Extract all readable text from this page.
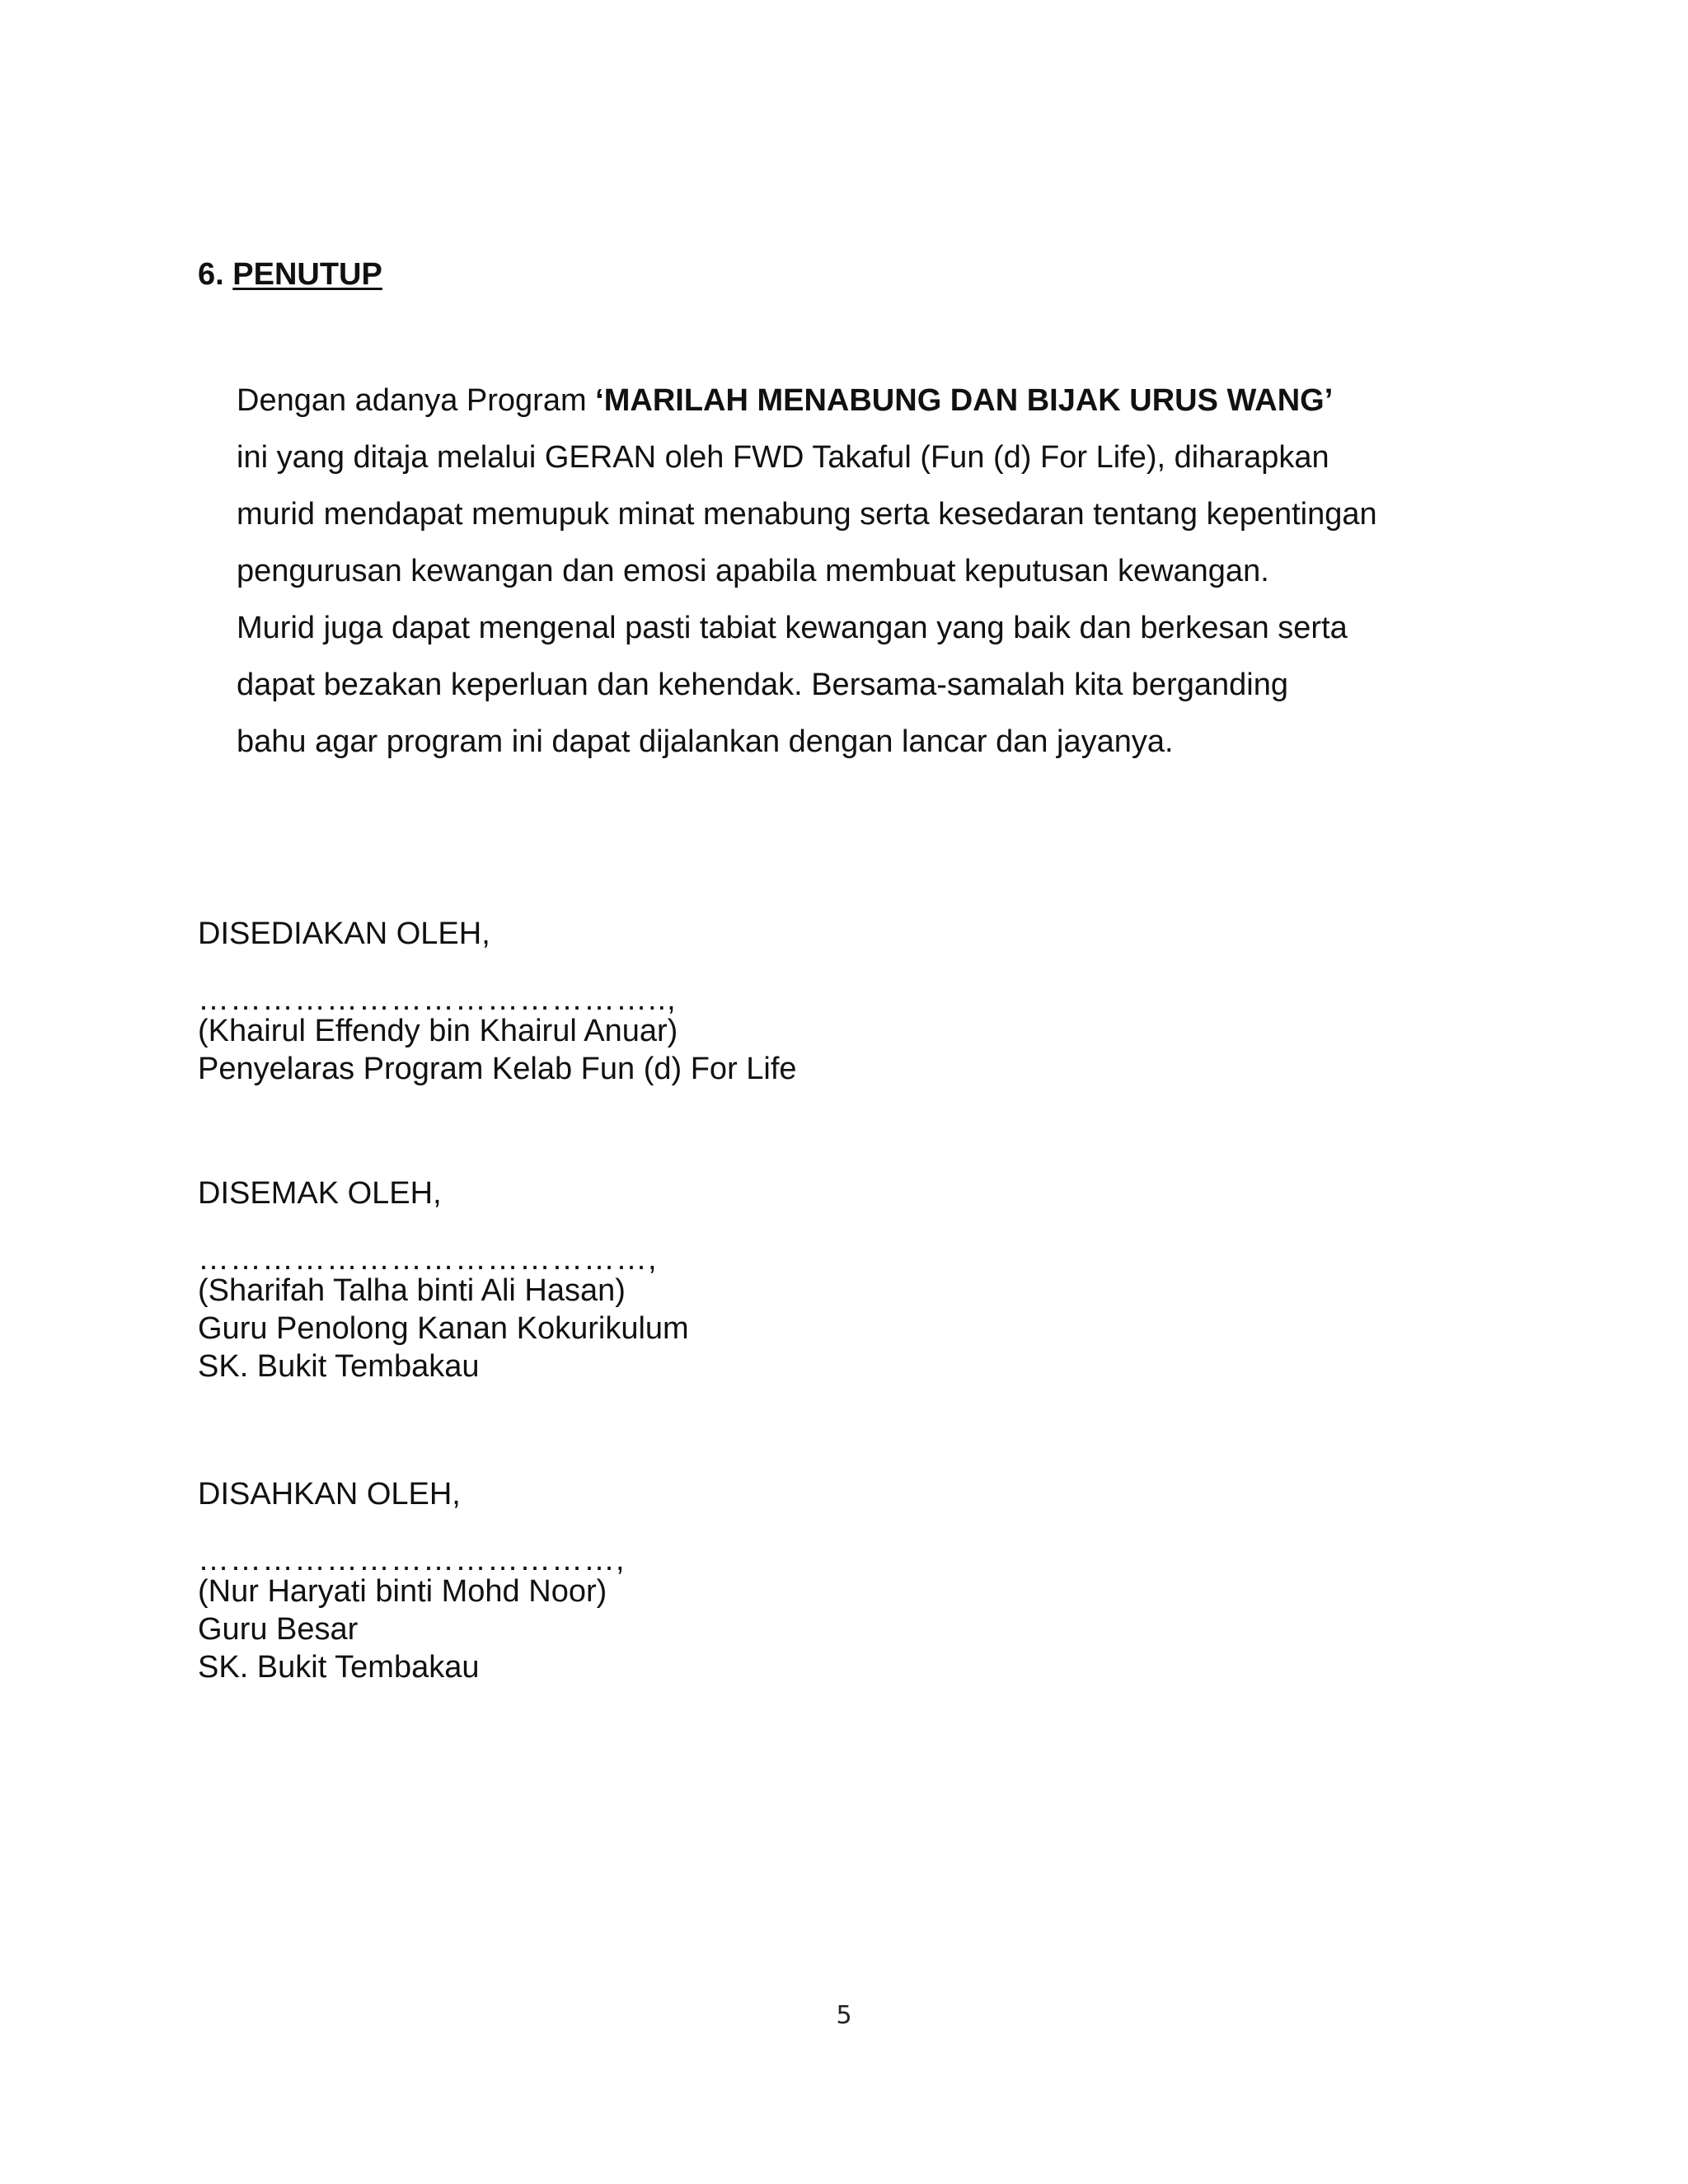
6. PENUTUP
Dengan adanya Program ‘MARILAH MENABUNG DAN BIJAK URUS WANG’
ini yang ditaja melalui GERAN oleh FWD Takaful (Fun (d) For Life), diharapkan
murid mendapat memupuk minat menabung serta kesedaran tentang kepentingan
pengurusan kewangan dan emosi apabila membuat keputusan kewangan.
Murid juga dapat mengenal pasti tabiat kewangan yang baik dan berkesan serta
dapat bezakan keperluan dan kehendak. Bersama-samalah kita berganding
bahu agar program ini dapat dijalankan dengan lancar dan jayanya.
DISEDIAKAN OLEH,
……………………………………..,
(Khairul Effendy bin Khairul Anuar)
Penyelaras Program Kelab Fun (d) For Life
DISEMAK OLEH,
……………………………………,
(Sharifah Talha binti Ali Hasan)
Guru Penolong Kanan Kokurikulum
SK. Bukit Tembakau
DISAHKAN OLEH,
…………………………………,
(Nur Haryati binti Mohd Noor)
Guru Besar
SK. Bukit Tembakau
5
